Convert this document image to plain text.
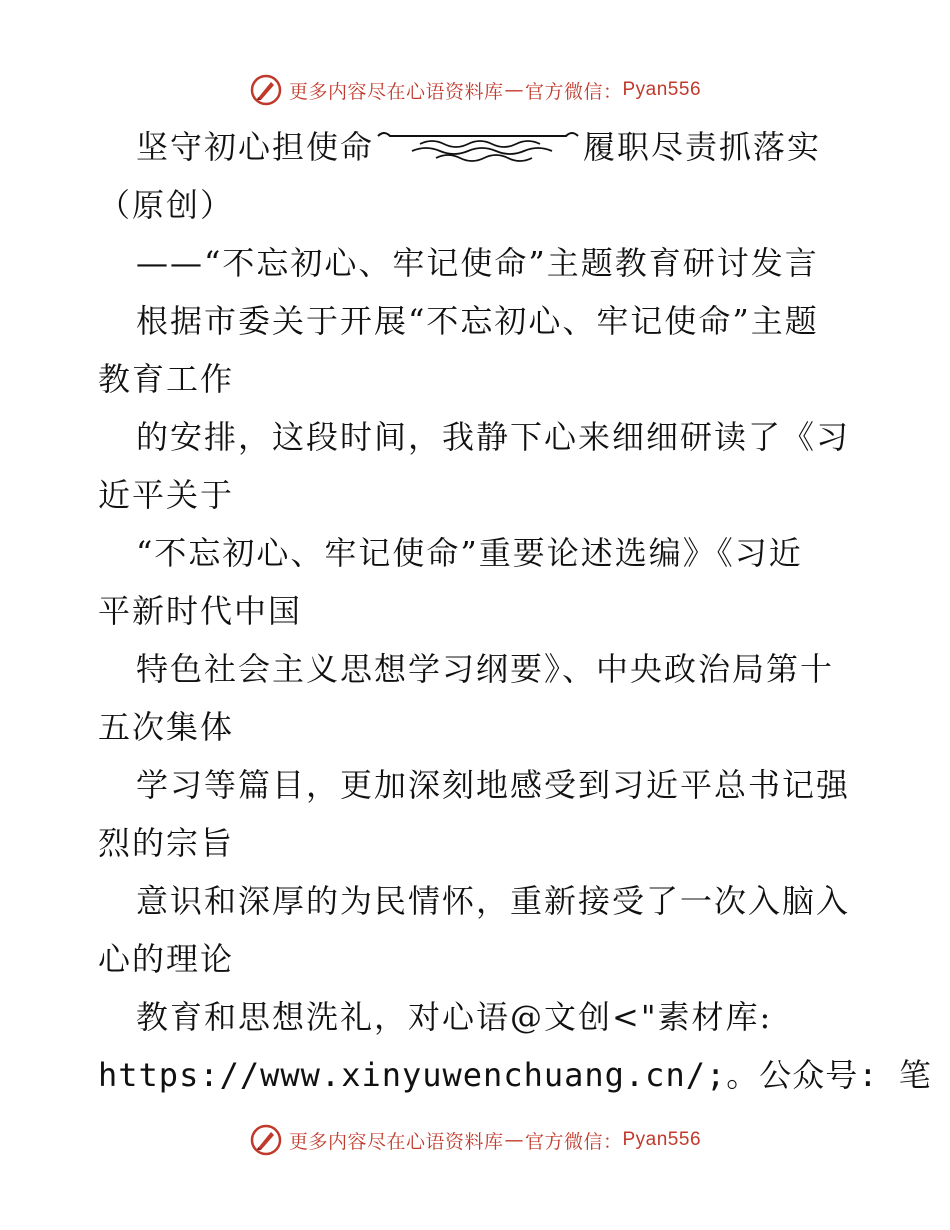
更多内容尽在心语资料库 — 官方微信： Pyan556
坚守初心担使命	履职尽责抓落实
（原创）
——“不忘初心、牢记使命”主题教育研讨发言
根据市委关于开展“不忘初心、牢记使命”主题
教育工作
的安排，这段时间，我静下心来细细研读了《习
近平关于
“不忘初心、牢记使命”重要论述选编》《习近
平新时代中国
特色社会主义思想学习纲要》、中央政治局第十
五次集体
学习等篇目，更加深刻地感受到习近平总书记强
烈的宗旨
意识和深厚的为民情怀，重新接受了一次入脑入
心的理论
教育和思想洗礼，对心语@文创<"素材库:
https://www.xinyuwenchuang.cn/;。公众号: 笔
更多内容尽在心语资料库 — 官方微信： Pyan556
